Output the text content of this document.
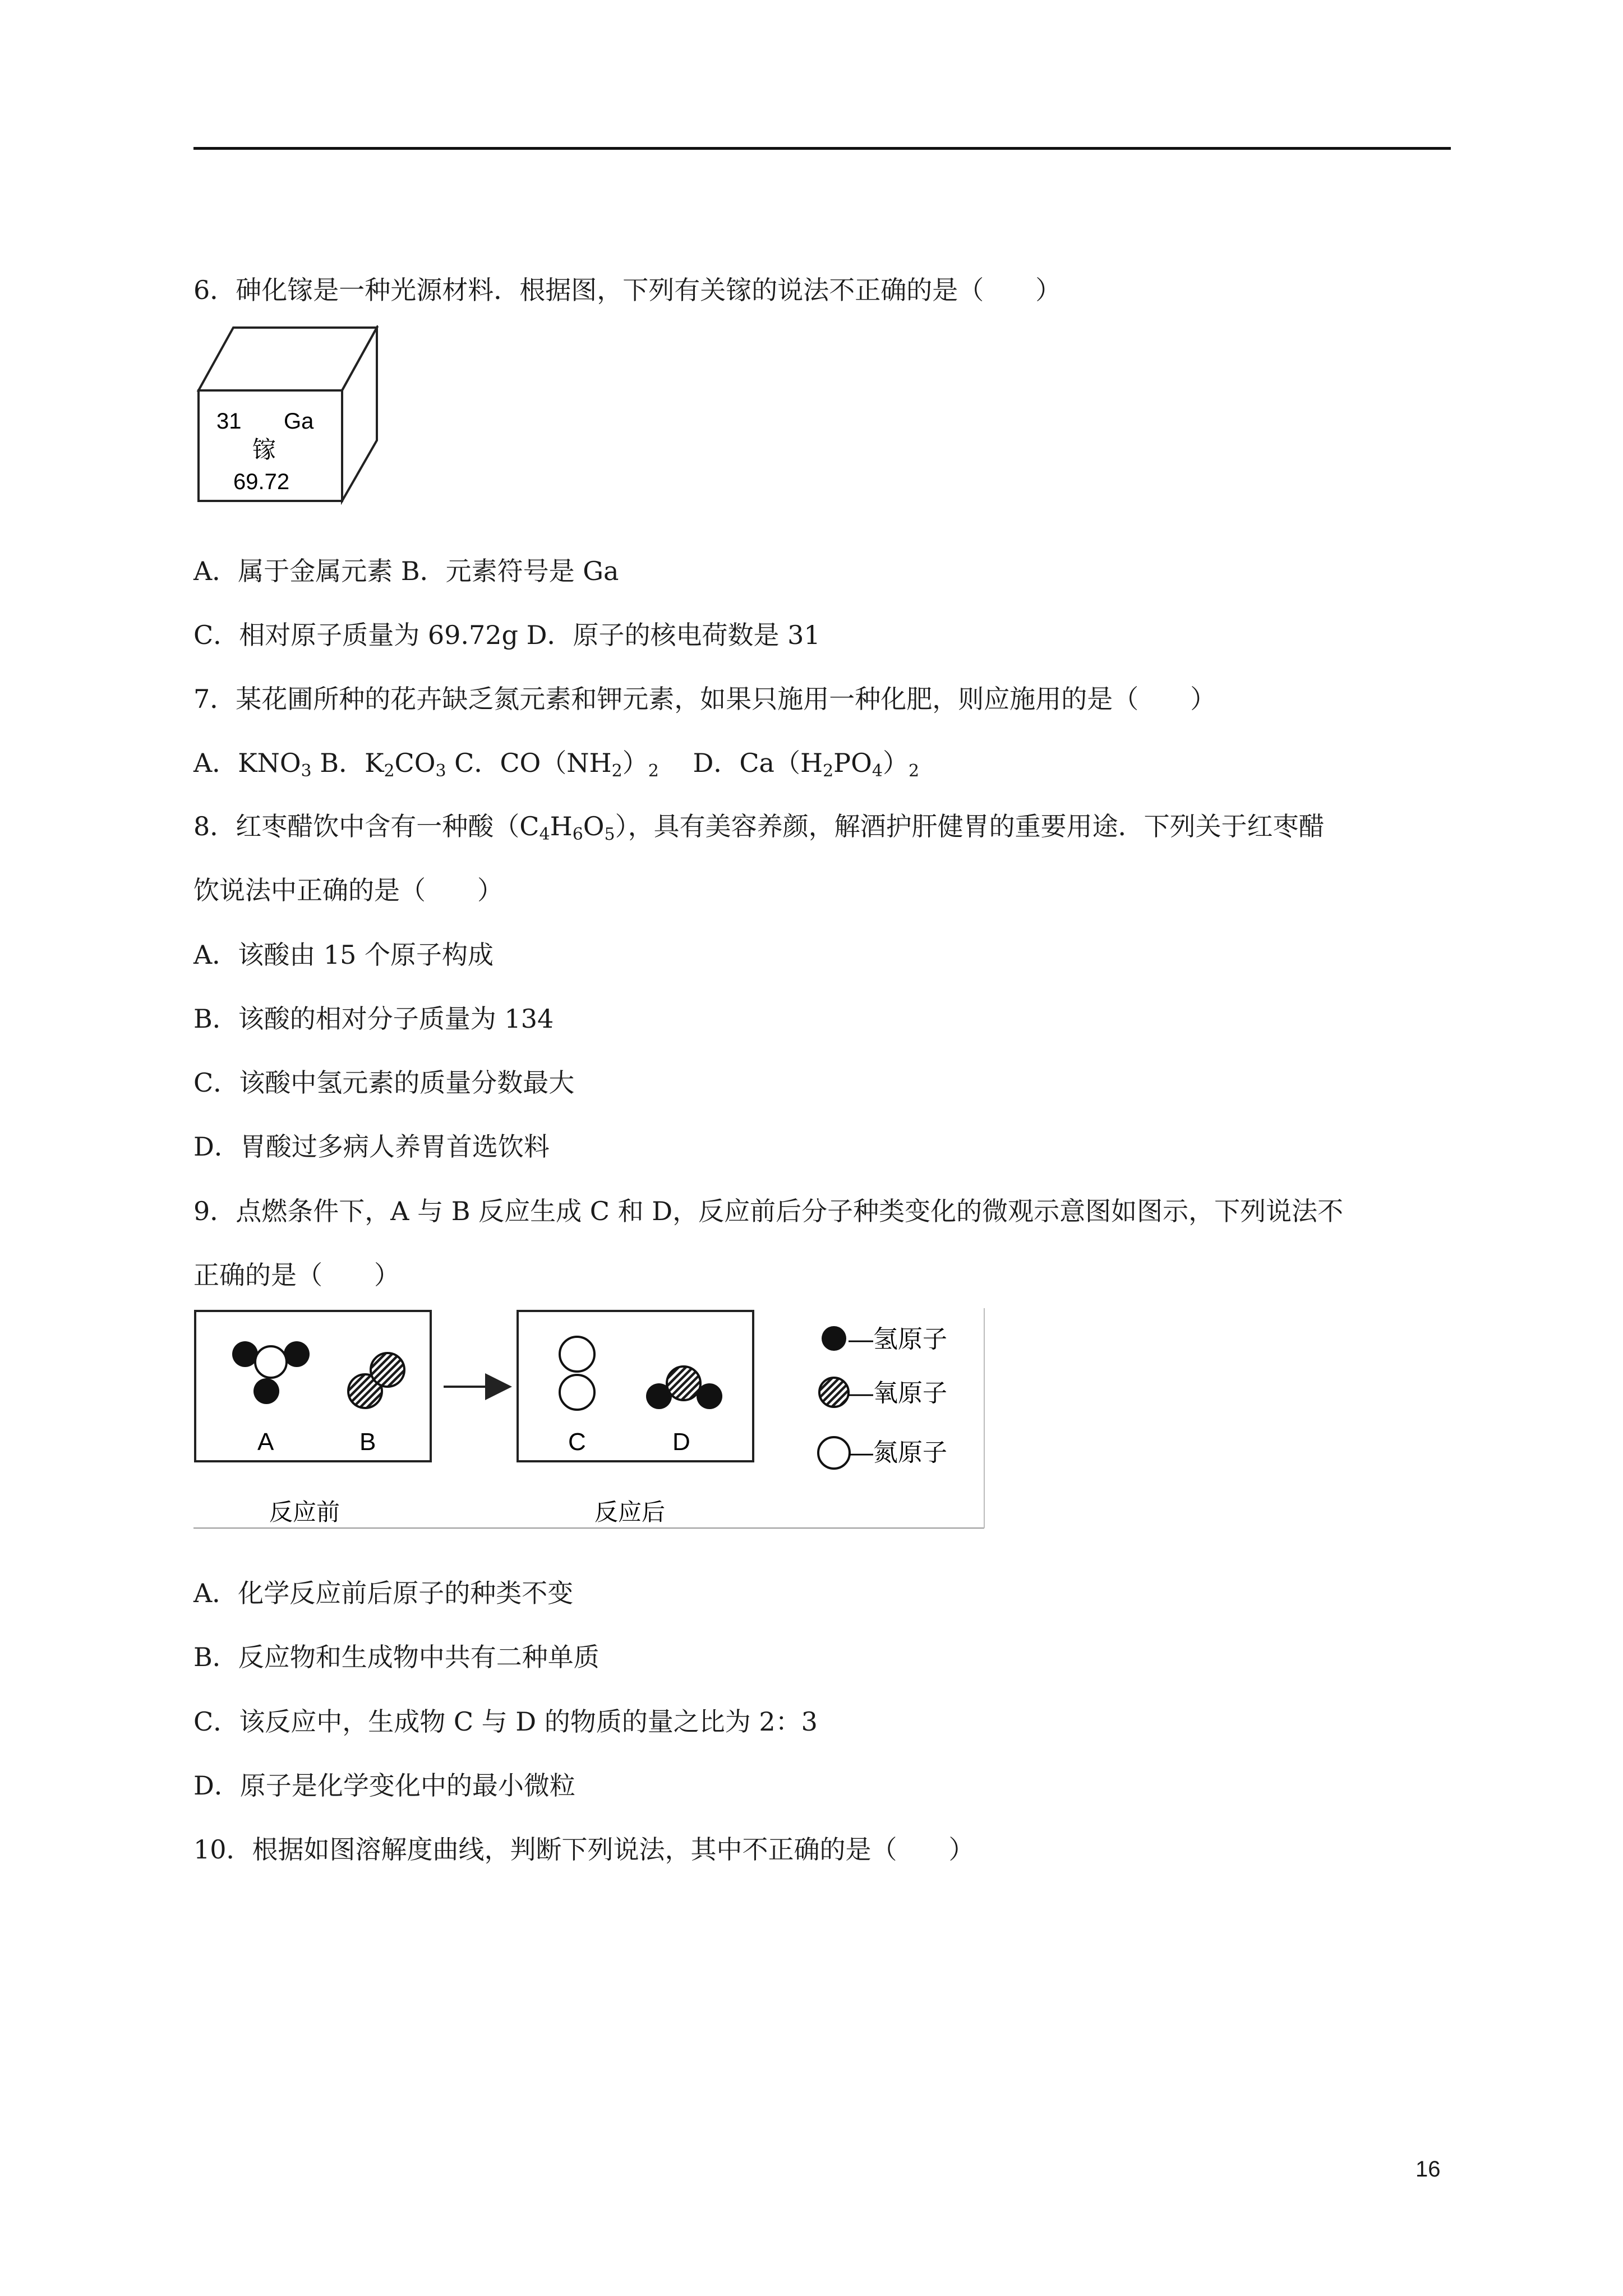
6．砷化镓是一种光源材料．根据图，下列有关镓的说法不正确的是（　　）
31 Ga
镓
69.72
A．属于金属元素 B．元素符号是 Ga
C．相对原子质量为 69.72g D．原子的核电荷数是 31
7．某花圃所种的花卉缺乏氮元素和钾元素，如果只施用一种化肥，则应施用的是（　　）
A．$KNO_3$ B．$K_2CO_3$ C．$CO(NH_2)_2$　 D．$Ca(H_2PO_4)_2$
8．红枣醋饮中含有一种酸$(C_4H_6O_5)$，具有美容养颜，解酒护肝健胃的重要用途．下列关于红枣醋
饮说法中正确的是（　　）
A．该酸由 15 个原子构成
B．该酸的相对分子质量为 134
C．该酸中氢元素的质量分数最大
D．胃酸过多病人养胃首选饮料
9．点燃条件下，A 与 B 反应生成 C 和 D，反应前后分子种类变化的微观示意图如图示，下列说法不
正确的是（　　）
A	B	C	D
反应前	反应后
—氢原子
—氧原子
—氮原子
A．化学反应前后原子的种类不变
B．反应物和生成物中共有二种单质
C．该反应中，生成物 C 与 D 的物质的量之比为 2：3
D．原子是化学变化中的最小微粒
10．根据如图溶解度曲线，判断下列说法，其中不正确的是（　　）
16
